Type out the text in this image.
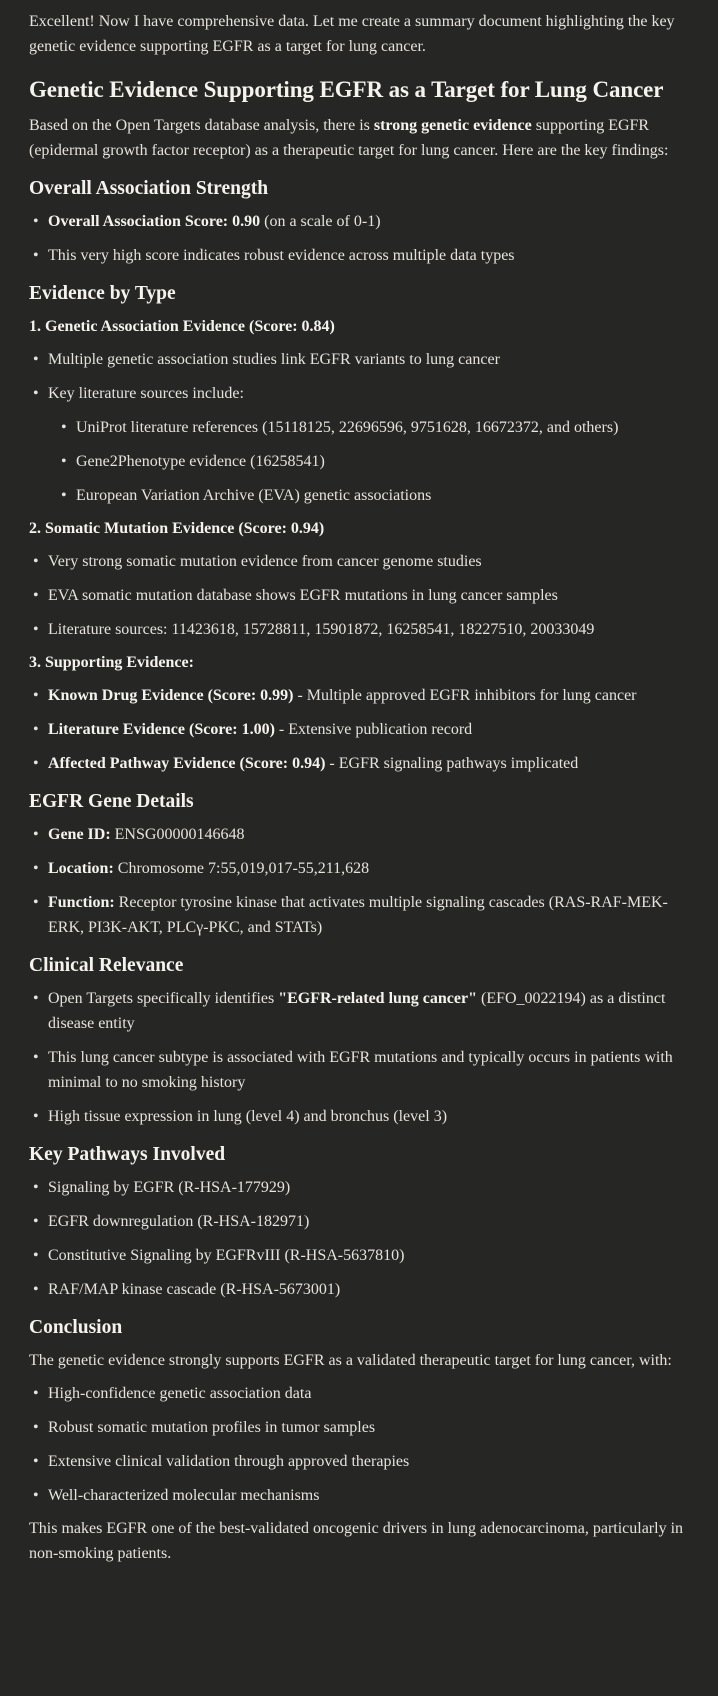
Excellent! Now I have comprehensive data. Let me create a summary document highlighting the key genetic evidence supporting EGFR as a target for lung cancer.

Genetic Evidence Supporting EGFR as a Target for Lung Cancer

Based on the Open Targets database analysis, there is strong genetic evidence supporting EGFR (epidermal growth factor receptor) as a therapeutic target for lung cancer. Here are the key findings:

Overall Association Strength
• Overall Association Score: 0.90 (on a scale of 0-1)
• This very high score indicates robust evidence across multiple data types
Evidence by Type

1. Genetic Association Evidence (Score: 0.84)

• Multiple genetic association studies link EGFR variants to lung cancer
• Key literature sources include:
• UniProt literature references (15118125, 22696596, 9751628, 16672372, and others)
• Gene2Phenotype evidence (16258541)
• European Variation Archive (EVA) genetic associations

2. Somatic Mutation Evidence (Score: 0.94)

• Very strong somatic mutation evidence from cancer genome studies
• EVA somatic mutation database shows EGFR mutations in lung cancer samples
• Literature sources: 11423618, 15728811, 15901872, 16258541, 18227510, 20033049

3. Supporting Evidence:

• Known Drug Evidence (Score: 0.99) - Multiple approved EGFR inhibitors for lung cancer
• Literature Evidence (Score: 1.00) - Extensive publication record
• Affected Pathway Evidence (Score: 0.94) - EGFR signaling pathways implicated
EGFR Gene Details
• Gene ID: ENSG00000146648
• Location: Chromosome 7:55,019,017-55,211,628
• Function: Receptor tyrosine kinase that activates multiple signaling cascades (RAS-RAF-MEK-ERK, PI3K-AKT, PLCγ-PKC, and STATs)
Clinical Relevance
• Open Targets specifically identifies "EGFR-related lung cancer" (EFO_0022194) as a distinct disease entity
• This lung cancer subtype is associated with EGFR mutations and typically occurs in patients with minimal to no smoking history
• High tissue expression in lung (level 4) and bronchus (level 3)
Key Pathways Involved
• Signaling by EGFR (R-HSA-177929)
• EGFR downregulation (R-HSA-182971)
• Constitutive Signaling by EGFRvIII (R-HSA-5637810)
• RAF/MAP kinase cascade (R-HSA-5673001)
Conclusion

The genetic evidence strongly supports EGFR as a validated therapeutic target for lung cancer, with:

• High-confidence genetic association data
• Robust somatic mutation profiles in tumor samples
• Extensive clinical validation through approved therapies
• Well-characterized molecular mechanisms

This makes EGFR one of the best-validated oncogenic drivers in lung adenocarcinoma, particularly in non-smoking patients.
